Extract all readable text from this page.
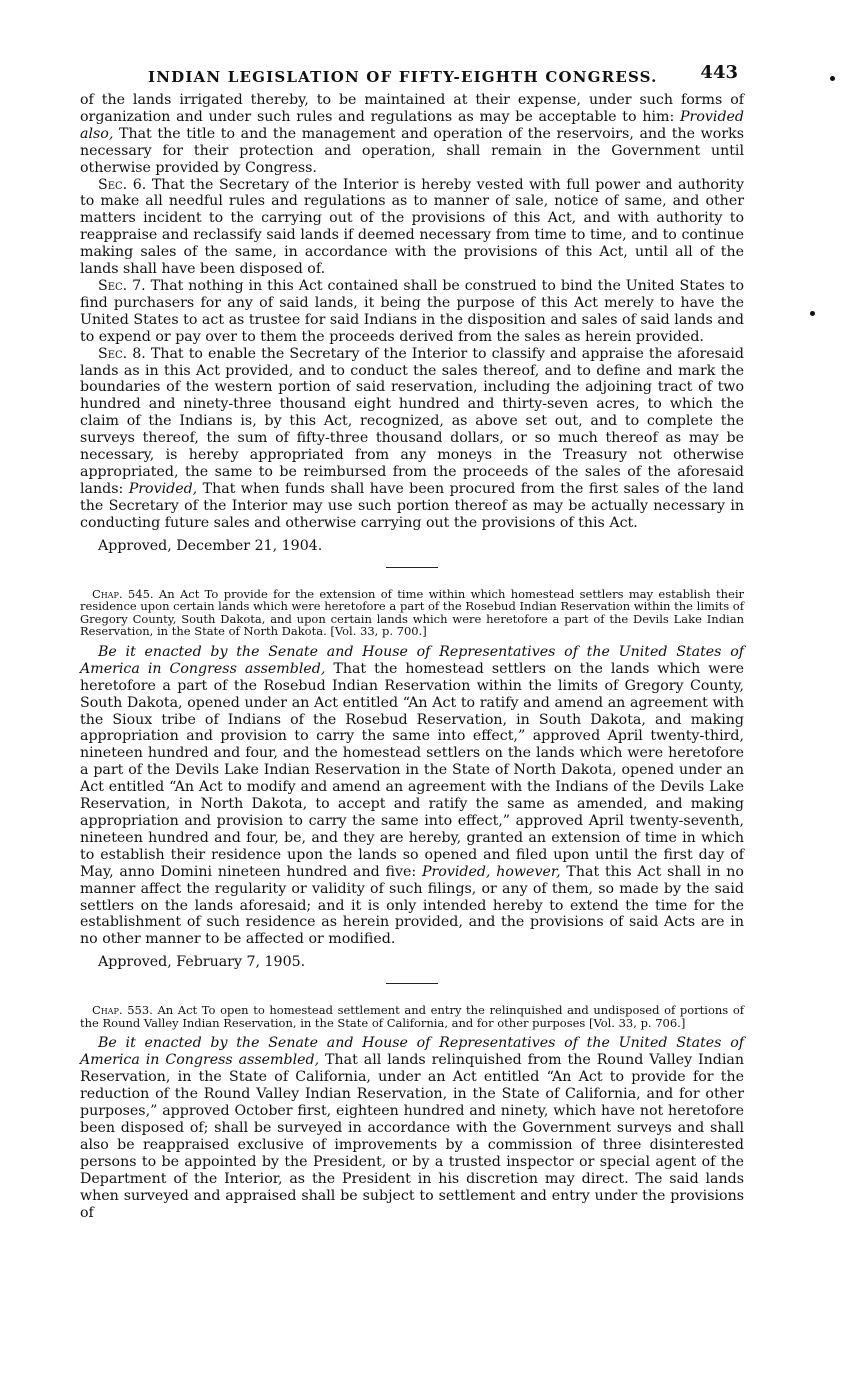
INDIAN LEGISLATION OF FIFTY-EIGHTH CONGRESS. 443

of the lands irrigated thereby, to be maintained at their expense, under such forms of organization and under such rules and regulations as may be acceptable to him: Provided also, That the title to and the management and operation of the reservoirs, and the works necessary for their protection and operation, shall remain in the Government until otherwise provided by Congress.

Sec. 6. That the Secretary of the Interior is hereby vested with full power and authority to make all needful rules and regulations as to manner of sale, notice of same, and other matters incident to the carrying out of the provisions of this Act, and with authority to reappraise and reclassify said lands if deemed necessary from time to time, and to continue making sales of the same, in accordance with the provisions of this Act, until all of the lands shall have been disposed of.

Sec. 7. That nothing in this Act contained shall be construed to bind the United States to find purchasers for any of said lands, it being the purpose of this Act merely to have the United States to act as trustee for said Indians in the disposition and sales of said lands and to expend or pay over to them the proceeds derived from the sales as herein provided.

Sec. 8. That to enable the Secretary of the Interior to classify and appraise the aforesaid lands as in this Act provided, and to conduct the sales thereof, and to define and mark the boundaries of the western portion of said reservation, including the adjoining tract of two hundred and ninety-three thousand eight hundred and thirty-seven acres, to which the claim of the Indians is, by this Act, recognized, as above set out, and to complete the surveys thereof, the sum of fifty-three thousand dollars, or so much thereof as may be necessary, is hereby appropriated from any moneys in the Treasury not otherwise appropriated, the same to be reimbursed from the proceeds of the sales of the aforesaid lands: Provided, That when funds shall have been procured from the first sales of the land the Secretary of the Interior may use such portion thereof as may be actually necessary in conducting future sales and otherwise carrying out the provisions of this Act.

Approved, December 21, 1904.

Chap. 545. An Act To provide for the extension of time within which homestead settlers may establish their residence upon certain lands which were heretofore a part of the Rosebud Indian Reservation within the limits of Gregory County, South Dakota, and upon certain lands which were heretofore a part of the Devils Lake Indian Reservation, in the State of North Dakota. [Vol. 33, p. 700.]

Be it enacted by the Senate and House of Representatives of the United States of America in Congress assembled, That the homestead settlers on the lands which were heretofore a part of the Rosebud Indian Reservation within the limits of Gregory County, South Dakota, opened under an Act entitled “An Act to ratify and amend an agreement with the Sioux tribe of Indians of the Rosebud Reservation, in South Dakota, and making appropriation and provision to carry the same into effect,” approved April twenty-third, nineteen hundred and four, and the homestead settlers on the lands which were heretofore a part of the Devils Lake Indian Reservation in the State of North Dakota, opened under an Act entitled “An Act to modify and amend an agreement with the Indians of the Devils Lake Reservation, in North Dakota, to accept and ratify the same as amended, and making appropriation and provision to carry the same into effect,” approved April twenty-seventh, nineteen hundred and four, be, and they are hereby, granted an extension of time in which to establish their residence upon the lands so opened and filed upon until the first day of May, anno Domini nineteen hundred and five: Provided, however, That this Act shall in no manner affect the regularity or validity of such filings, or any of them, so made by the said settlers on the lands aforesaid; and it is only intended hereby to extend the time for the establishment of such residence as herein provided, and the provisions of said Acts are in no other manner to be affected or modified.

Approved, February 7, 1905.

Chap. 553. An Act To open to homestead settlement and entry the relinquished and undisposed of portions of the Round Valley Indian Reservation, in the State of California, and for other purposes [Vol. 33, p. 706.]

Be it enacted by the Senate and House of Representatives of the United States of America in Congress assembled, That all lands relinquished from the Round Valley Indian Reservation, in the State of California, under an Act entitled “An Act to provide for the reduction of the Round Valley Indian Reservation, in the State of California, and for other purposes,” approved October first, eighteen hundred and ninety, which have not heretofore been disposed of; shall be surveyed in accordance with the Government surveys and shall also be reappraised exclusive of improvements by a commission of three disinterested persons to be appointed by the President, or by a trusted inspector or special agent of the Department of the Interior, as the President in his discretion may direct. The said lands when surveyed and appraised shall be subject to settlement and entry under the provisions of
